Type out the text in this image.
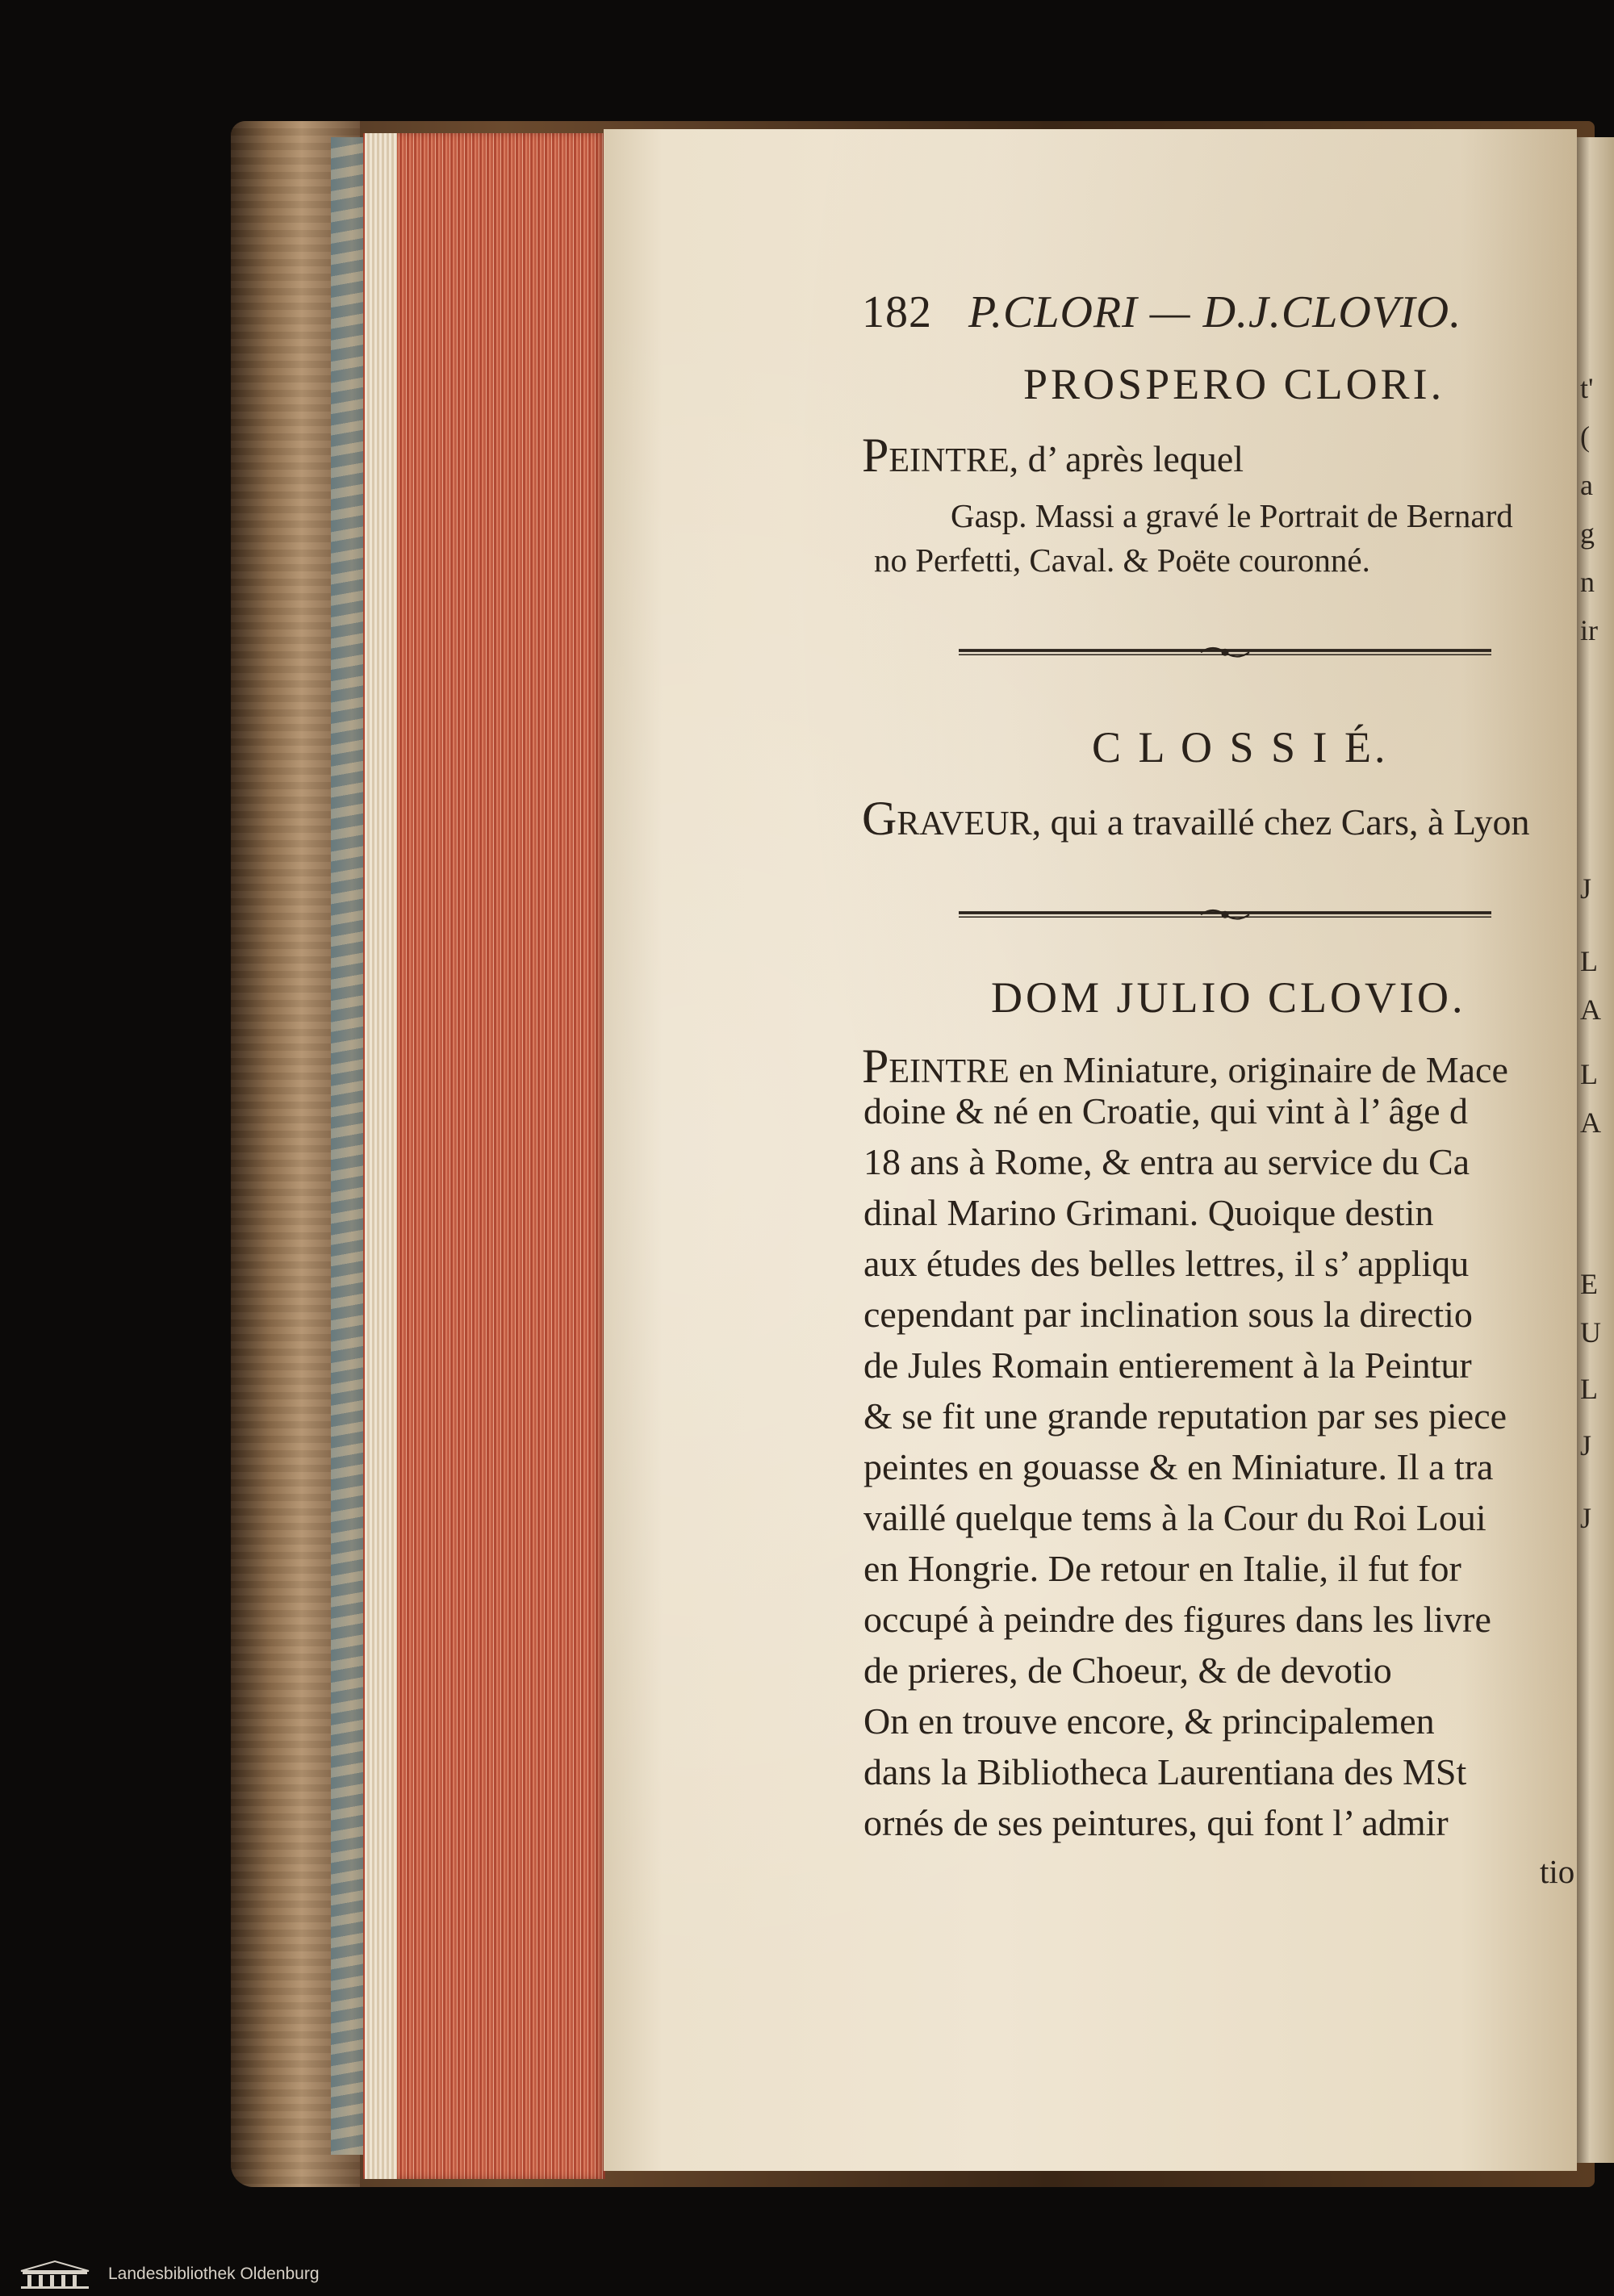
t'
(
a
g
n
ir
J
L
A
L
A
E
U
L
J
J
182 P.CLORI — D.J.CLOVIO.
PROSPERO CLORI.
Peintre, d’ après lequel
Gasp. Massi a gravé le Portrait de Bernard
no Perfetti, Caval. & Poëte couronné.
C L O S S I É.
Graveur, qui a travaillé chez Cars, à Lyon
DOM JULIO CLOVIO.
Peintre en Miniature, originaire de Mace
doine & né en Croatie, qui vint à l’ âge d
18 ans à Rome, & entra au service du Ca
dinal Marino Grimani. Quoique destin
aux études des belles lettres, il s’ appliqu
cependant par inclination sous la directio
de Jules Romain entierement à la Peintur
& se fit une grande reputation par ses piece
peintes en gouasse & en Miniature. Il a tra
vaillé quelque tems à la Cour du Roi Loui
en Hongrie. De retour en Italie, il fut for
occupé à peindre des figures dans les livre
de prieres, de Choeur, & de devotio
On en trouve encore, & principalemen
dans la Bibliotheca Laurentiana des MSt
ornés de ses peintures, qui font l’ admir
tio
Landesbibliothek Oldenburg
